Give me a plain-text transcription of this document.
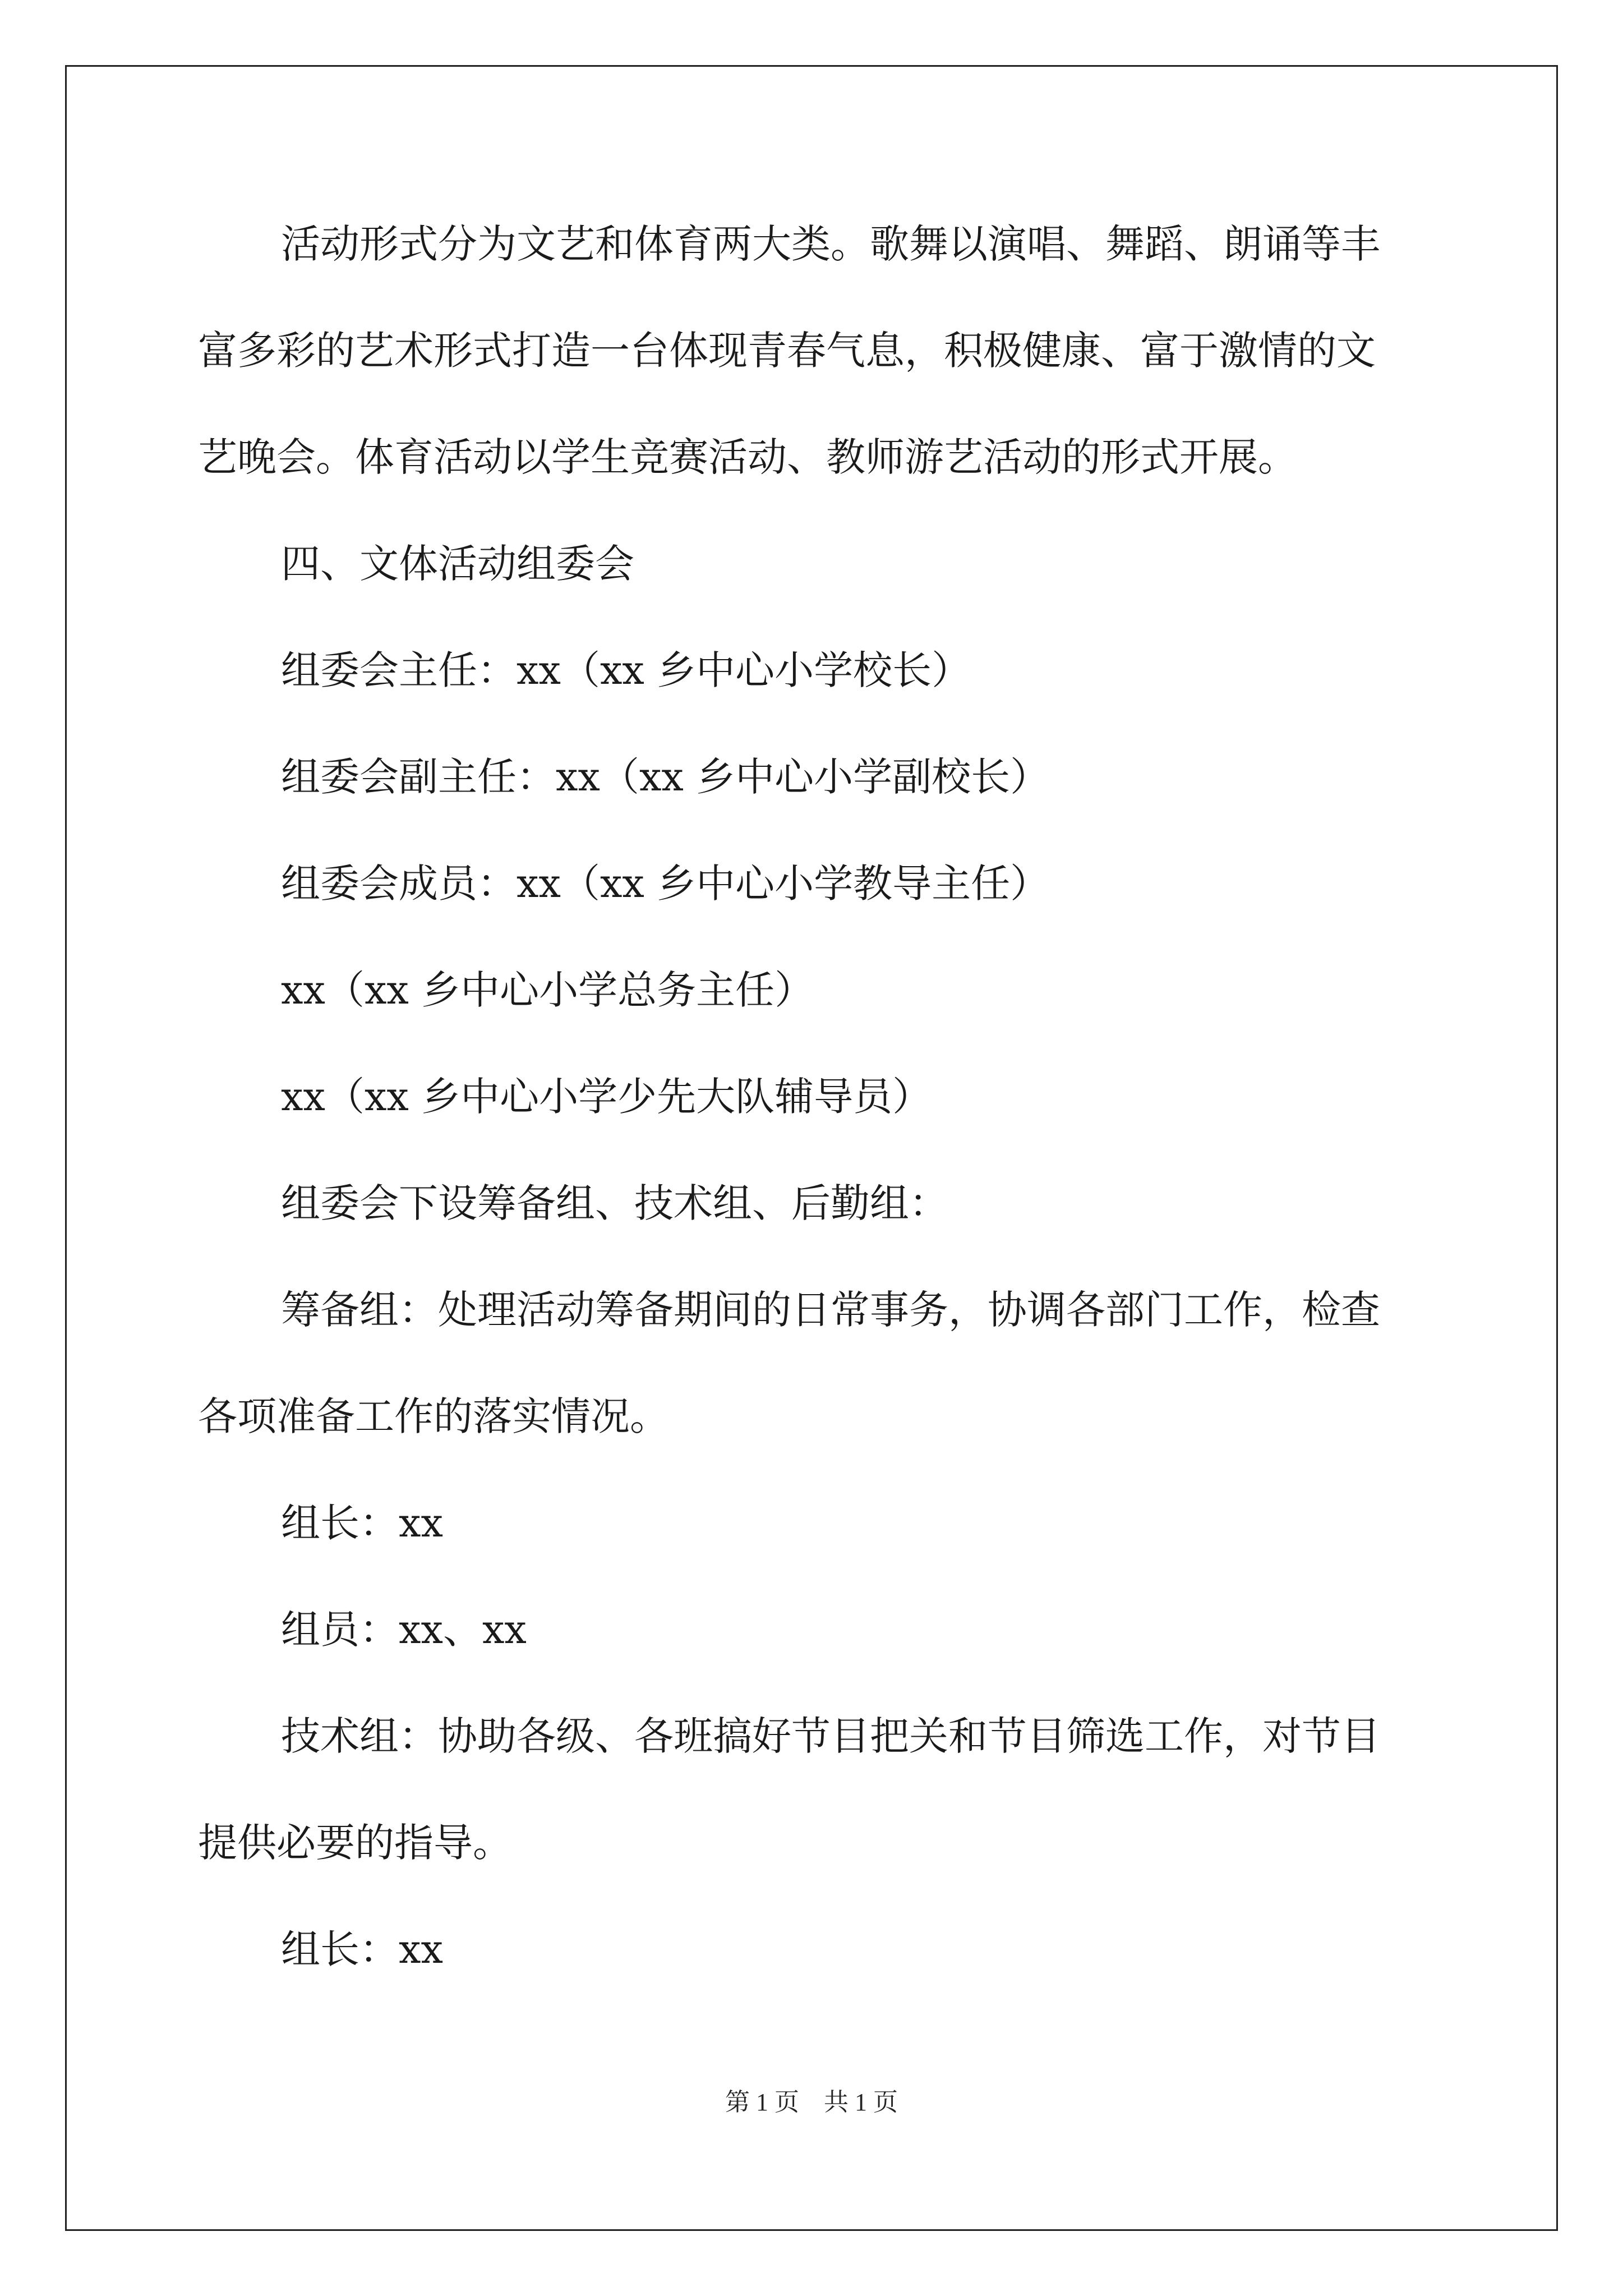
活动形式分为文艺和体育两大类。歌舞以演唱、舞蹈、朗诵等丰
富多彩的艺术形式打造一台体现青春气息，积极健康、富于激情的文
艺晚会。体育活动以学生竞赛活动、教师游艺活动的形式开展。
四、文体活动组委会
组委会主任：xx（xx 乡中心小学校长）
组委会副主任：xx（xx 乡中心小学副校长）
组委会成员：xx（xx 乡中心小学教导主任）
xx（xx 乡中心小学总务主任）
xx（xx 乡中心小学少先大队辅导员）
组委会下设筹备组、技术组、后勤组：
筹备组：处理活动筹备期间的日常事务，协调各部门工作，检查
各项准备工作的落实情况。
组长：xx
组员：xx、xx
技术组：协助各级、各班搞好节目把关和节目筛选工作，对节目
提供必要的指导。
组长：xx
第 1 页 共 1 页
